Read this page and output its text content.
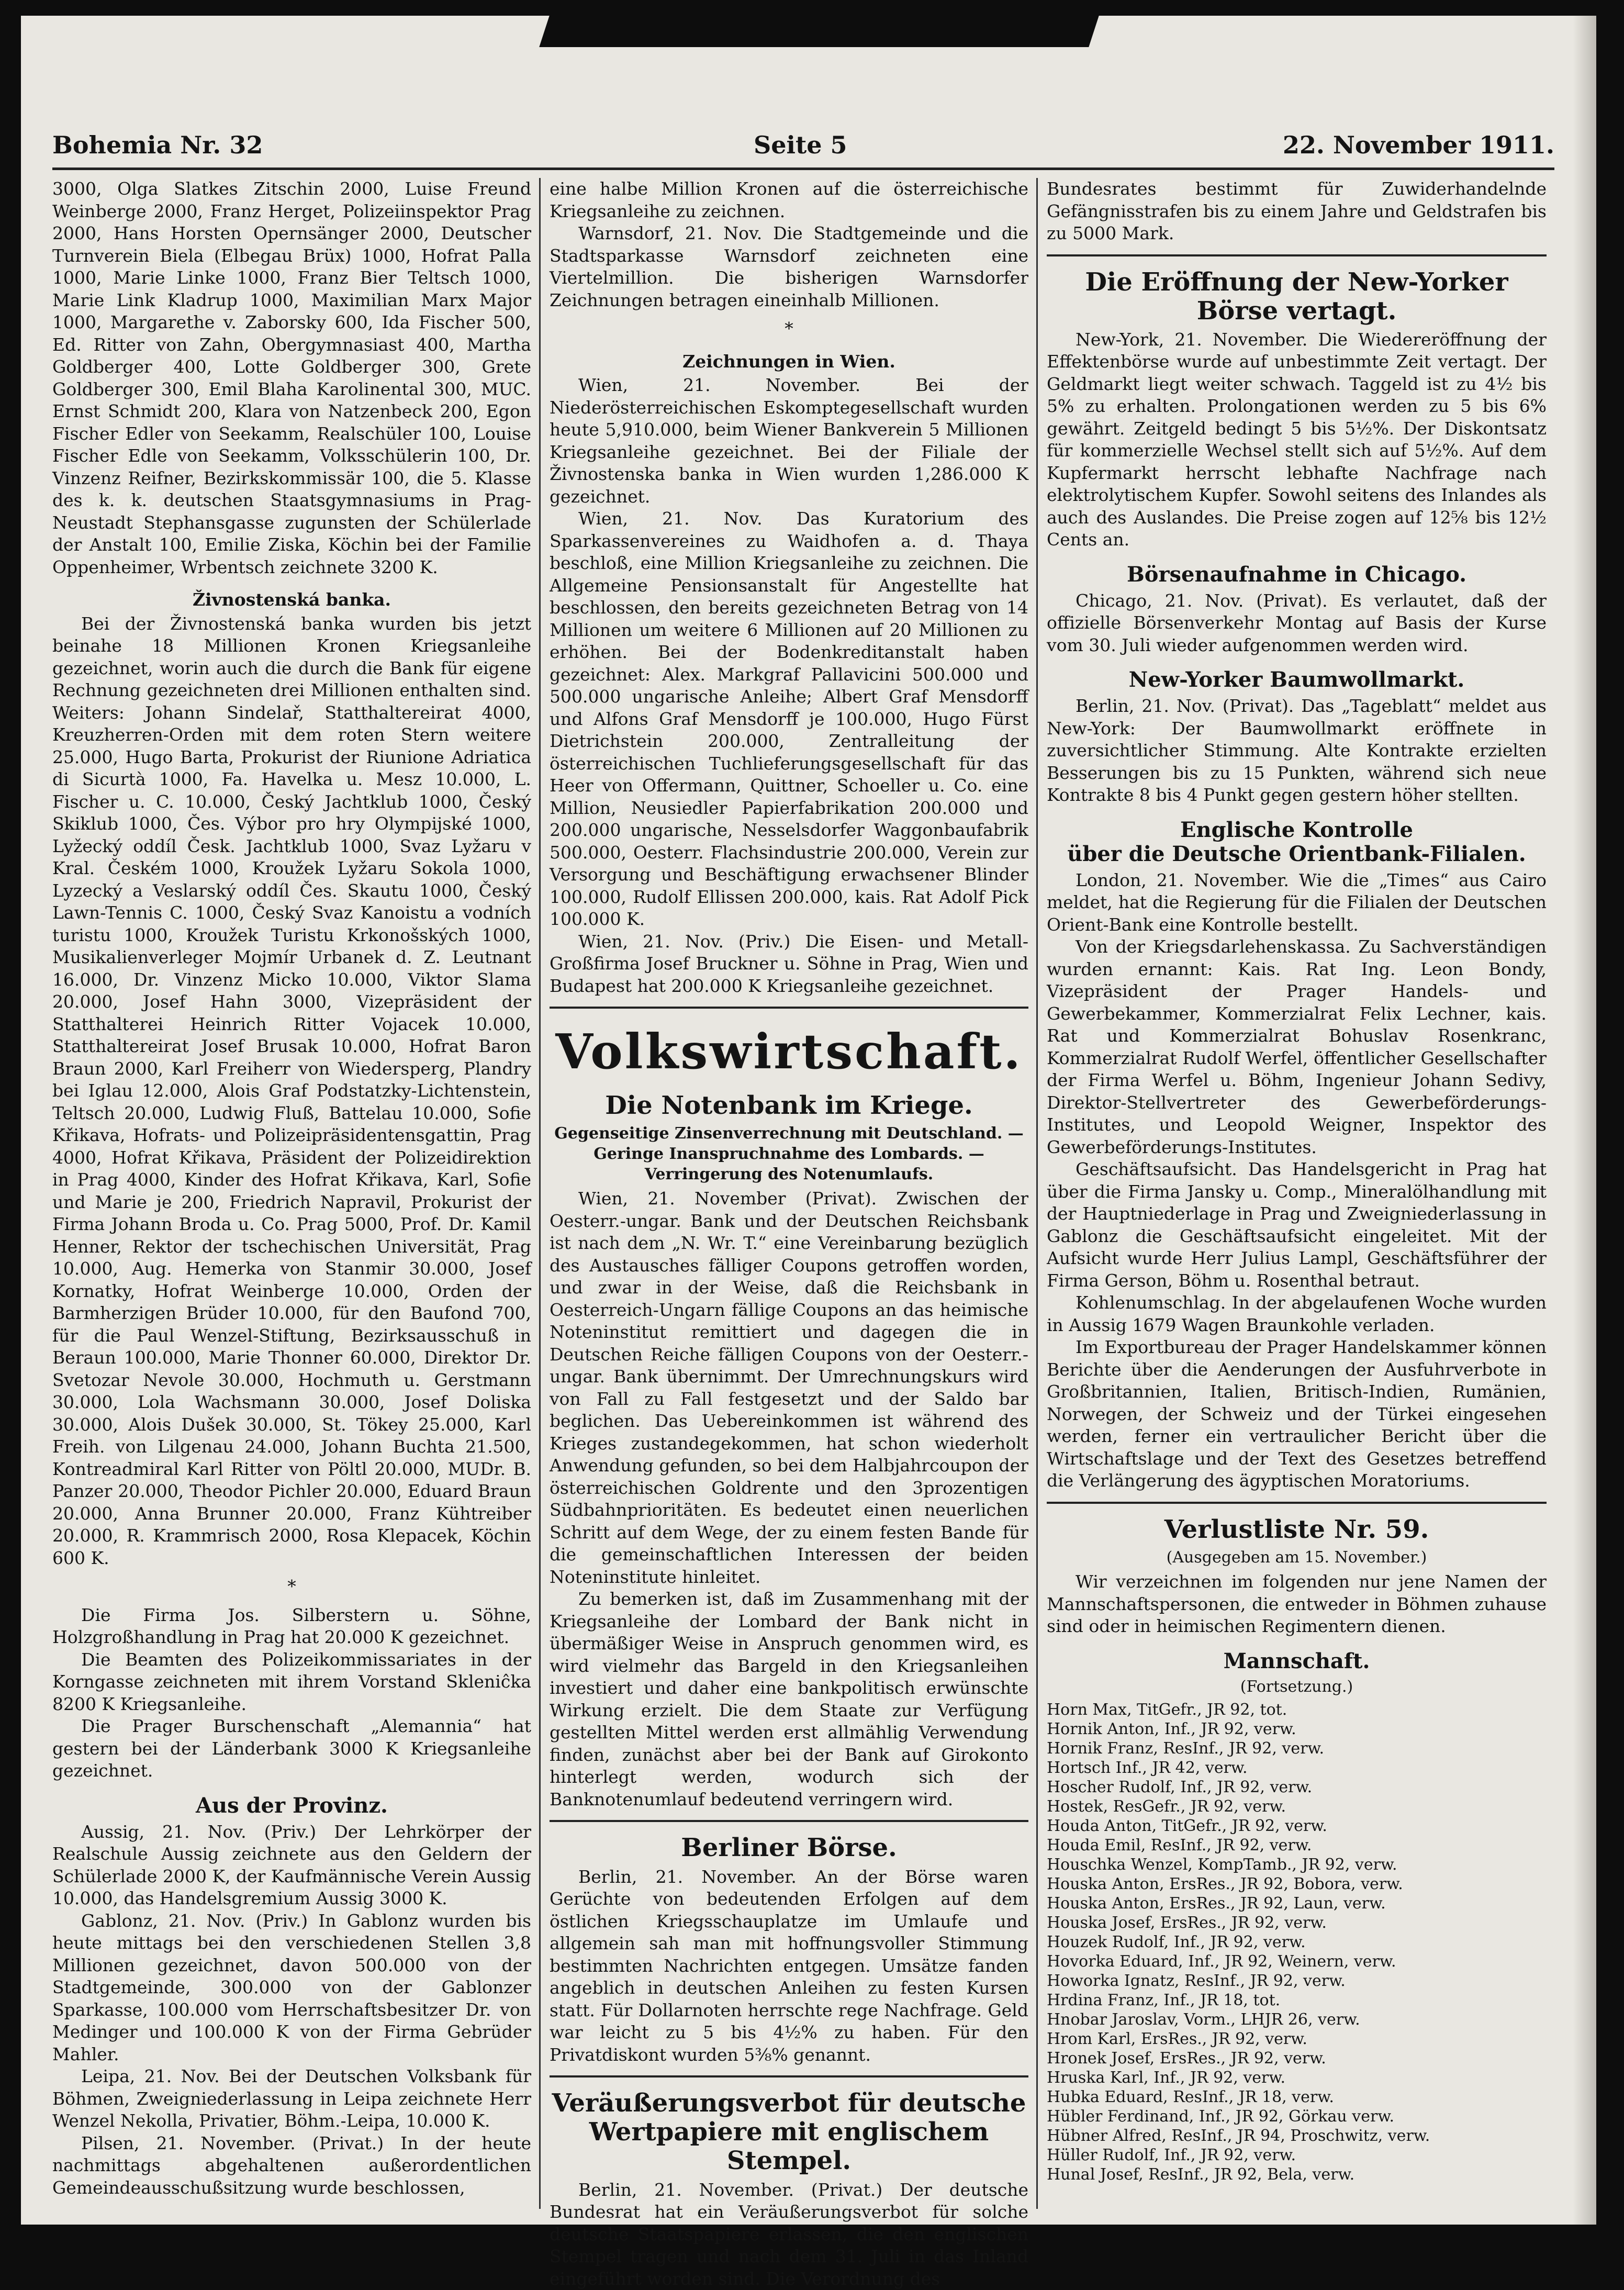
Bohemia Nr. 32	Seite 5	22. November 1911.

3000, Olga Slatkes Zitschin 2000, Luise Freund Weinberge 2000, Franz Herget, Polizeiinspektor Prag 2000, Hans Horsten Opernsänger 2000, Deutscher Turnverein Biela (Elbegau Brüx) 1000, Hofrat Palla 1000, Marie Linke 1000, Franz Bier Teltsch 1000, Marie Link Kladrup 1000, Maximilian Marx Major 1000, Margarethe v. Zaborsky 600, Ida Fischer 500, Ed. Ritter von Zahn, Obergymnasiast 400, Martha Goldberger 400, Lotte Goldberger 300, Grete Goldberger 300, Emil Blaha Karolinental 300, MUC. Ernst Schmidt 200, Klara von Natzenbeck 200, Egon Fischer Edler von Seekamm, Realschüler 100, Louise Fischer Edle von Seekamm, Volksschülerin 100, Dr. Vinzenz Reifner, Bezirkskommissär 100, die 5. Klasse des k. k. deutschen Staatsgymnasiums in Prag-Neustadt Stephansgasse zugunsten der Schülerlade der Anstalt 100, Emilie Ziska, Köchin bei der Familie Oppenheimer, Wrbentsch zeichnete 3200 K.

Živnostenská banka.

Bei der Živnostenská banka wurden bis jetzt beinahe 18 Millionen Kronen Kriegsanleihe gezeichnet, worin auch die durch die Bank für eigene Rechnung gezeichneten drei Millionen enthalten sind. Weiters: Johann Sindelař, Statthaltereirat 4000, Kreuzherren-Orden mit dem roten Stern weitere 25.000, Hugo Barta, Prokurist der Riunione Adriatica di Sicurtà 1000, Fa. Havelka u. Mesz 10.000, L. Fischer u. C. 10.000, Český Jachtklub 1000, Český Skiklub 1000, Čes. Výbor pro hry Olympijské 1000, Lyžecký oddíl Česk. Jachtklub 1000, Svaz Lyžaru v Kral. Českém 1000, Kroužek Lyžaru Sokola 1000, Lyzecký a Veslarský oddíl Čes. Skautu 1000, Český Lawn-Tennis C. 1000, Český Svaz Kanoistu a vodních turistu 1000, Kroužek Turistu Krkonošských 1000, Musikalienverleger Mojmír Urbanek d. Z. Leutnant 16.000, Dr. Vinzenz Micko 10.000, Viktor Slama 20.000, Josef Hahn 3000, Vizepräsident der Statthalterei Heinrich Ritter Vojacek 10.000, Statthaltereirat Josef Brusak 10.000, Hofrat Baron Braun 2000, Karl Freiherr von Wiedersperg, Plandry bei Iglau 12.000, Alois Graf Podstatzky-Lichtenstein, Teltsch 20.000, Ludwig Fluß, Battelau 10.000, Sofie Křikava, Hofrats- und Polizeipräsidentensgattin, Prag 4000, Hofrat Křikava, Präsident der Polizeidirektion in Prag 4000, Kinder des Hofrat Křikava, Karl, Sofie und Marie je 200, Friedrich Napravil, Prokurist der Firma Johann Broda u. Co. Prag 5000, Prof. Dr. Kamil Henner, Rektor der tschechischen Universität, Prag 10.000, Aug. Hemerka von Stanmir 30.000, Josef Kornatky, Hofrat Weinberge 10.000, Orden der Barmherzigen Brüder 10.000, für den Baufond 700, für die Paul Wenzel-Stiftung, Bezirksausschuß in Beraun 100.000, Marie Thonner 60.000, Direktor Dr. Svetozar Nevole 30.000, Hochmuth u. Gerstmann 30.000, Lola Wachsmann 30.000, Josef Doliska 30.000, Alois Dušek 30.000, St. Tökey 25.000, Karl Freih. von Lilgenau 24.000, Johann Buchta 21.500, Kontreadmiral Karl Ritter von Pöltl 20.000, MUDr. B. Panzer 20.000, Theodor Pichler 20.000, Eduard Braun 20.000, Anna Brunner 20.000, Franz Kühtreiber 20.000, R. Krammrisch 2000, Rosa Klepacek, Köchin 600 K.

*

Die Firma Jos. Silberstern u. Söhne, Holzgroßhandlung in Prag hat 20.000 K gezeichnet.

Die Beamten des Polizeikommissariates in der Korngasse zeichneten mit ihrem Vorstand Skleniĉka 8200 K Kriegsanleihe.

Die Prager Burschenschaft „Alemannia“ hat gestern bei der Länderbank 3000 K Kriegsanleihe gezeichnet.

Aus der Provinz.

Aussig, 21. Nov. (Priv.) Der Lehrkörper der Realschule Aussig zeichnete aus den Geldern der Schülerlade 2000 K, der Kaufmännische Verein Aussig 10.000, das Handelsgremium Aussig 3000 K.

Gablonz, 21. Nov. (Priv.) In Gablonz wurden bis heute mittags bei den verschiedenen Stellen 3,8 Millionen gezeichnet, davon 500.000 von der Stadtgemeinde, 300.000 von der Gablonzer Sparkasse, 100.000 vom Herrschaftsbesitzer Dr. von Medinger und 100.000 K von der Firma Gebrüder Mahler.

Leipa, 21. Nov. Bei der Deutschen Volksbank für Böhmen, Zweigniederlassung in Leipa zeichnete Herr Wenzel Nekolla, Privatier, Böhm.-Leipa, 10.000 K.

Pilsen, 21. November. (Privat.) In der heute nachmittags abgehaltenen außerordentlichen Gemeindeausschußsitzung wurde beschlossen,

eine halbe Million Kronen auf die österreichische Kriegsanleihe zu zeichnen.

Warnsdorf, 21. Nov. Die Stadtgemeinde und die Stadtsparkasse Warnsdorf zeichneten eine Viertelmillion. Die bisherigen Warnsdorfer Zeichnungen betragen eineinhalb Millionen.

*
Zeichnungen in Wien.

Wien, 21. November. Bei der Niederösterreichischen Eskomptegesellschaft wurden heute 5,910.000, beim Wiener Bankverein 5 Millionen Kriegsanleihe gezeichnet. Bei der Filiale der Živnostenska banka in Wien wurden 1,286.000 K gezeichnet.

Wien, 21. Nov. Das Kuratorium des Sparkassenvereines zu Waidhofen a. d. Thaya beschloß, eine Million Kriegsanleihe zu zeichnen. Die Allgemeine Pensionsanstalt für Angestellte hat beschlossen, den bereits gezeichneten Betrag von 14 Millionen um weitere 6 Millionen auf 20 Millionen zu erhöhen. Bei der Bodenkreditanstalt haben gezeichnet: Alex. Markgraf Pallavicini 500.000 und 500.000 ungarische Anleihe; Albert Graf Mensdorff und Alfons Graf Mensdorff je 100.000, Hugo Fürst Dietrichstein 200.000, Zentralleitung der österreichischen Tuchlieferungsgesellschaft für das Heer von Offermann, Quittner, Schoeller u. Co. eine Million, Neusiedler Papierfabrikation 200.000 und 200.000 ungarische, Nesselsdorfer Waggonbaufabrik 500.000, Oesterr. Flachsindustrie 200.000, Verein zur Versorgung und Beschäftigung erwachsener Blinder 100.000, Rudolf Ellissen 200.000, kais. Rat Adolf Pick 100.000 K.

Wien, 21. Nov. (Priv.) Die Eisen- und Metall-Großfirma Josef Bruckner u. Söhne in Prag, Wien und Budapest hat 200.000 K Kriegsanleihe gezeichnet.

Volkswirtschaft.
Die Notenbank im Kriege.
Gegenseitige Zinsenverrechnung mit Deutschland. — Geringe Inanspruchnahme des Lombards. — Verringerung des Notenumlaufs.

Wien, 21. November (Privat). Zwischen der Oesterr.-ungar. Bank und der Deutschen Reichsbank ist nach dem „N. Wr. T.“ eine Vereinbarung bezüglich des Austausches fälliger Coupons getroffen worden, und zwar in der Weise, daß die Reichsbank in Oesterreich-Ungarn fällige Coupons an das heimische Noteninstitut remittiert und dagegen die in Deutschen Reiche fälligen Coupons von der Oesterr.-ungar. Bank übernimmt. Der Umrechnungskurs wird von Fall zu Fall festgesetzt und der Saldo bar beglichen. Das Uebereinkommen ist während des Krieges zustandegekommen, hat schon wiederholt Anwendung gefunden, so bei dem Halbjahrcoupon der österreichischen Goldrente und den 3prozentigen Südbahnprioritäten. Es bedeutet einen neuerlichen Schritt auf dem Wege, der zu einem festen Bande für die gemeinschaftlichen Interessen der beiden Noteninstitute hinleitet.

Zu bemerken ist, daß im Zusammenhang mit der Kriegsanleihe der Lombard der Bank nicht in übermäßiger Weise in Anspruch genommen wird, es wird vielmehr das Bargeld in den Kriegsanleihen investiert und daher eine bankpolitisch erwünschte Wirkung erzielt. Die dem Staate zur Verfügung gestellten Mittel werden erst allmählig Verwendung finden, zunächst aber bei der Bank auf Girokonto hinterlegt werden, wodurch sich der Banknotenumlauf bedeutend verringern wird.

Berliner Börse.

Berlin, 21. November. An der Börse waren Gerüchte von bedeutenden Erfolgen auf dem östlichen Kriegsschauplatze im Umlaufe und allgemein sah man mit hoffnungsvoller Stimmung bestimmten Nachrichten entgegen. Umsätze fanden angeblich in deutschen Anleihen zu festen Kursen statt. Für Dollarnoten herrschte rege Nachfrage. Geld war leicht zu 5 bis 4½% zu haben. Für den Privatdiskont wurden 5⅜% genannt.

Veräußerungsverbot für deutsche Wertpapiere mit englischem Stempel.

Berlin, 21. November. (Privat.) Der deutsche Bundesrat hat ein Veräußerungsverbot für solche deutsche Staatspapiere erlassen, die den englischen Stempel tragen und nach dem 31. Juli in das Inland eingeführt worden sind. Die Verordnung des

Bundesrates bestimmt für Zuwiderhandelnde Gefängnisstrafen bis zu einem Jahre und Geldstrafen bis zu 5000 Mark.

Die Eröffnung der New-Yorker Börse vertagt.

New-York, 21. November. Die Wiedereröffnung der Effektenbörse wurde auf unbestimmte Zeit vertagt. Der Geldmarkt liegt weiter schwach. Taggeld ist zu 4½ bis 5% zu erhalten. Prolongationen werden zu 5 bis 6% gewährt. Zeitgeld bedingt 5 bis 5½%. Der Diskontsatz für kommerzielle Wechsel stellt sich auf 5½%. Auf dem Kupfermarkt herrscht lebhafte Nachfrage nach elektrolytischem Kupfer. Sowohl seitens des Inlandes als auch des Auslandes. Die Preise zogen auf 12⅝ bis 12½ Cents an.

Börsenaufnahme in Chicago.

Chicago, 21. Nov. (Privat). Es verlautet, daß der offizielle Börsenverkehr Montag auf Basis der Kurse vom 30. Juli wieder aufgenommen werden wird.

New-Yorker Baumwollmarkt.

Berlin, 21. Nov. (Privat). Das „Tageblatt“ meldet aus New-York: Der Baumwollmarkt eröffnete in zuversichtlicher Stimmung. Alte Kontrakte erzielten Besserungen bis zu 15 Punkten, während sich neue Kontrakte 8 bis 4 Punkt gegen gestern höher stellten.

Englische Kontrolle
über die Deutsche Orientbank-Filialen.

London, 21. November. Wie die „Times“ aus Cairo meldet, hat die Regierung für die Filialen der Deutschen Orient-Bank eine Kontrolle bestellt.

Von der Kriegsdarlehenskassa. Zu Sachverständigen wurden ernannt: Kais. Rat Ing. Leon Bondy, Vizepräsident der Prager Handels- und Gewerbekammer, Kommerzialrat Felix Lechner, kais. Rat und Kommerzialrat Bohuslav Rosenkranc, Kommerzialrat Rudolf Werfel, öffentlicher Gesellschafter der Firma Werfel u. Böhm, Ingenieur Johann Sedivy, Direktor-Stellvertreter des Gewerbeförderungs-Institutes, und Leopold Weigner, Inspektor des Gewerbeförderungs-Institutes.

Geschäftsaufsicht. Das Handelsgericht in Prag hat über die Firma Jansky u. Comp., Mineralölhandlung mit der Hauptniederlage in Prag und Zweigniederlassung in Gablonz die Geschäftsaufsicht eingeleitet. Mit der Aufsicht wurde Herr Julius Lampl, Geschäftsführer der Firma Gerson, Böhm u. Rosenthal betraut.

Kohlenumschlag. In der abgelaufenen Woche wurden in Aussig 1679 Wagen Braunkohle verladen.

Im Exportbureau der Prager Handelskammer können Berichte über die Aenderungen der Ausfuhrverbote in Großbritannien, Italien, Britisch-Indien, Rumänien, Norwegen, der Schweiz und der Türkei eingesehen werden, ferner ein vertraulicher Bericht über die Wirtschaftslage und der Text des Gesetzes betreffend die Verlängerung des ägyptischen Moratoriums.

Verlustliste Nr. 59.
(Ausgegeben am 15. November.)

Wir verzeichnen im folgenden nur jene Namen der Mannschaftspersonen, die entweder in Böhmen zuhause sind oder in heimischen Regimentern dienen.

Mannschaft.
(Fortsetzung.)
Horn Max, TitGefr., JR 92, tot.
Hornik Anton, Inf., JR 92, verw.
Hornik Franz, ResInf., JR 92, verw.
Hortsch Inf., JR 42, verw.
Hoscher Rudolf, Inf., JR 92, verw.
Hostek, ResGefr., JR 92, verw.
Houda Anton, TitGefr., JR 92, verw.
Houda Emil, ResInf., JR 92, verw.
Houschka Wenzel, KompTamb., JR 92, verw.
Houska Anton, ErsRes., JR 92, Bobora, verw.
Houska Anton, ErsRes., JR 92, Laun, verw.
Houska Josef, ErsRes., JR 92, verw.
Houzek Rudolf, Inf., JR 92, verw.
Hovorka Eduard, Inf., JR 92, Weinern, verw.
Howorka Ignatz, ResInf., JR 92, verw.
Hrdina Franz, Inf., JR 18, tot.
Hnobar Jaroslav, Vorm., LHJR 26, verw.
Hrom Karl, ErsRes., JR 92, verw.
Hronek Josef, ErsRes., JR 92, verw.
Hruska Karl, Inf., JR 92, verw.
Hubka Eduard, ResInf., JR 18, verw.
Hübler Ferdinand, Inf., JR 92, Görkau verw.
Hübner Alfred, ResInf., JR 94, Proschwitz, verw.
Hüller Rudolf, Inf., JR 92, verw.
Hunal Josef, ResInf., JR 92, Bela, verw.
